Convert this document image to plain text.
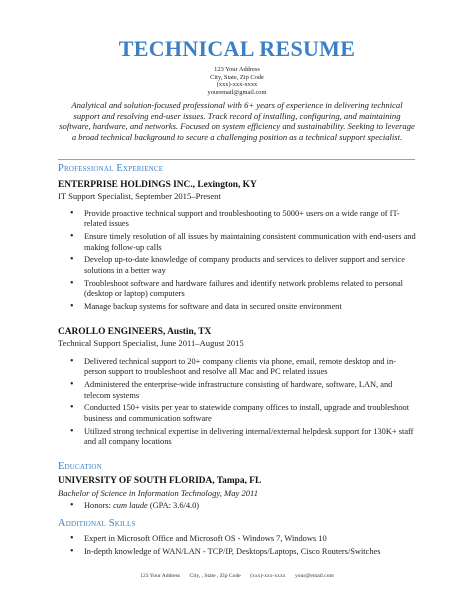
TECHNICAL RESUME
123 Your Address
City, State, Zip Code
(xxx)-xxx-xxxx
youremail@gmail.com
Analytical and solution-focused professional with 6+ years of experience in delivering technical support and resolving end-user issues. Track record of installing, configuring, and maintaining software, hardware, and networks. Focused on system efficiency and sustainability. Seeking to leverage a broad technical background to secure a challenging position as a technical support specialist.
Professional Experience
ENTERPRISE HOLDINGS INC., Lexington, KY
IT Support Specialist, September 2015–Present
• Provide proactive technical support and troubleshooting to 5000+ users on a wide range of IT-related issues
• Ensure timely resolution of all issues by maintaining consistent communication with end-users and making follow-up calls
• Develop up-to-date knowledge of company products and services to deliver support and service solutions in a better way
• Troubleshoot software and hardware failures and identify network problems related to personal (desktop or laptop) computers
• Manage backup systems for software and data in secured onsite environment
CAROLLO ENGINEERS, Austin, TX
Technical Support Specialist, June 2011–August 2015
• Delivered technical support to 20+ company clients via phone, email, remote desktop and in-person support to troubleshoot and resolve all Mac and PC related issues
• Administered the enterprise-wide infrastructure consisting of hardware, software, LAN, and telecom systems
• Conducted 150+ visits per year to statewide company offices to install, upgrade and troubleshoot business and communication software
• Utilized strong technical expertise in delivering internal/external helpdesk support for 130K+ staff and all company locations
Education
UNIVERSITY OF SOUTH FLORIDA, Tampa, FL
Bachelor of Science in Information Technology, May 2011
• Honors: cum laude (GPA: 3.6/4.0)
Additional Skills
• Expert in Microsoft Office and Microsoft OS - Windows 7, Windows 10
• In-depth knowledge of WAN/LAN - TCP/IP, Desktops/Laptops, Cisco Routers/Switches
123 Your Address City, , State , Zip Code (xxx)-xxx-xxxx your@email.com
